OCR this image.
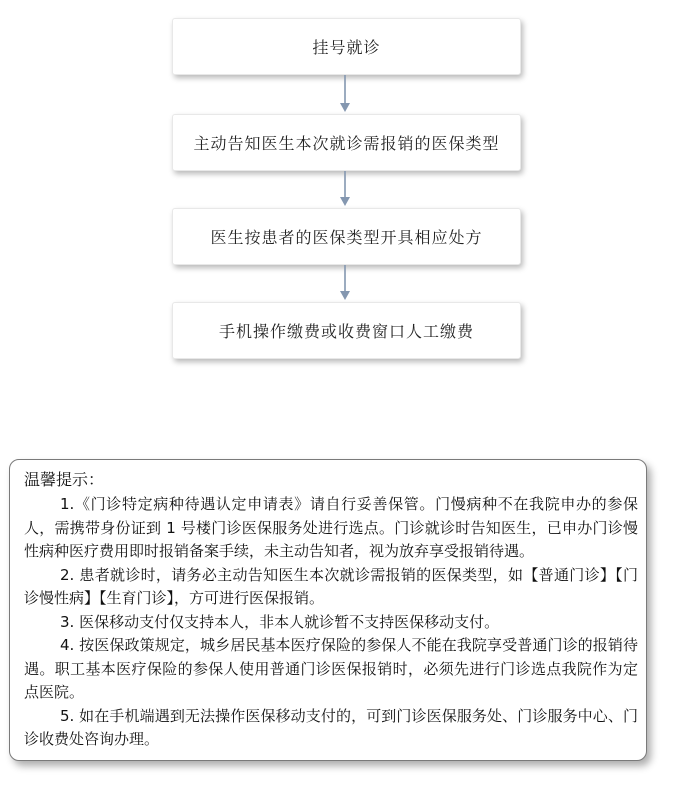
挂号就诊
主动告知医生本次就诊需报销的医保类型
医生按患者的医保类型开具相应处方
手机操作缴费或收费窗口人工缴费

温馨提示：

1.《门诊特定病种待遇认定申请表》请自行妥善保管。门慢病种不在我院申办的参保人，需携带身份证到 1 号楼门诊医保服务处进行选点。门诊就诊时告知医生，已申办门诊慢性病种医疗费用即时报销备案手续，未主动告知者，视为放弃享受报销待遇。

2. 患者就诊时，请务必主动告知医生本次就诊需报销的医保类型，如【普通门诊】【门诊慢性病】【生育门诊】，方可进行医保报销。

3. 医保移动支付仅支持本人，非本人就诊暂不支持医保移动支付。

4. 按医保政策规定，城乡居民基本医疗保险的参保人不能在我院享受普通门诊的报销待遇。职工基本医疗保险的参保人使用普通门诊医保报销时，必须先进行门诊选点我院作为定点医院。

5. 如在手机端遇到无法操作医保移动支付的，可到门诊医保服务处、门诊服务中心、门诊收费处咨询办理。
